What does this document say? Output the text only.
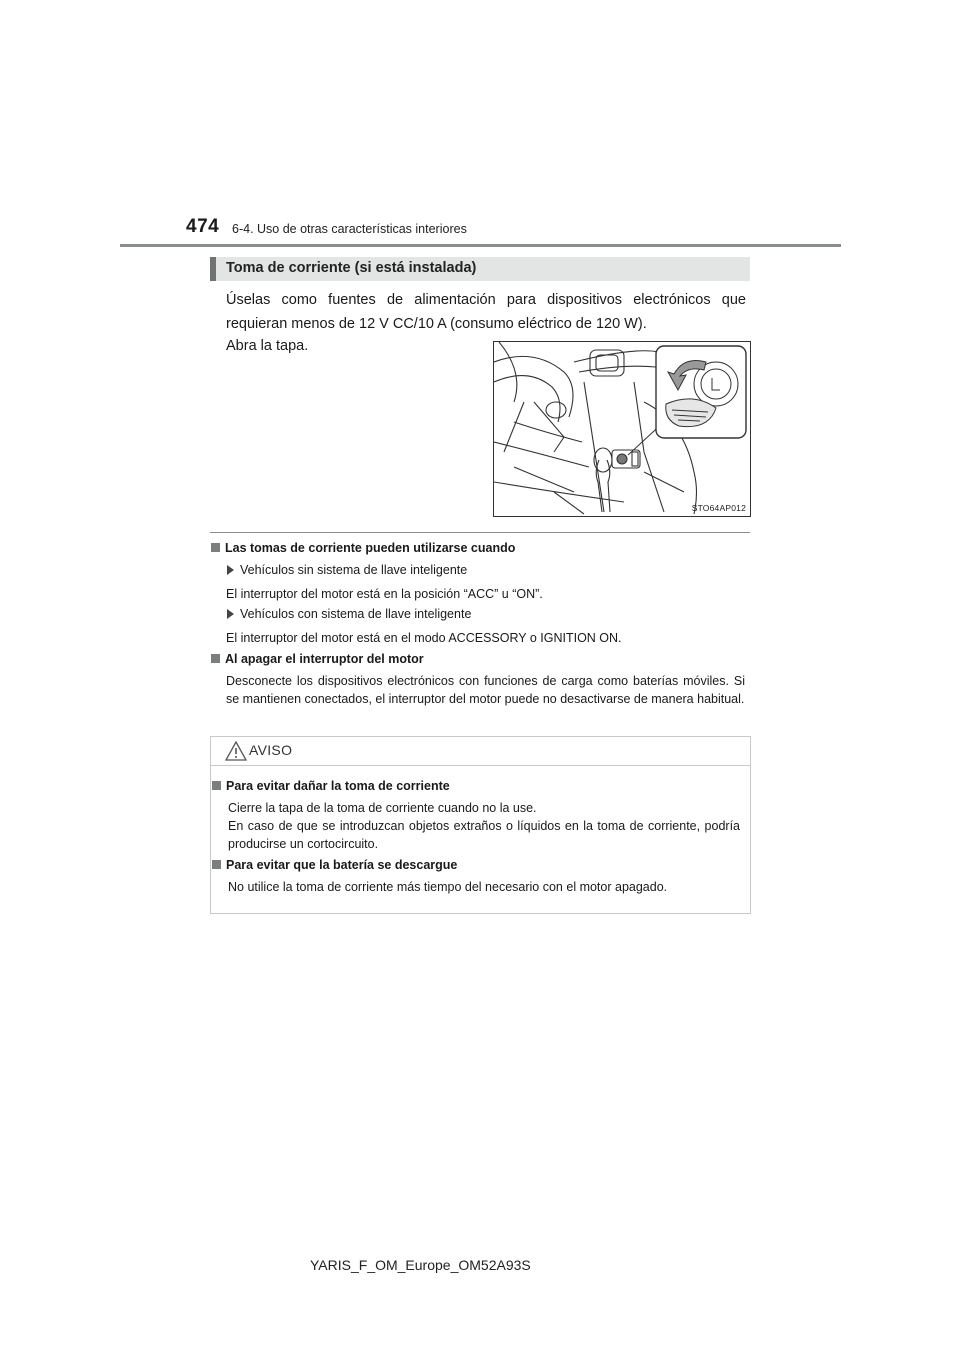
474 6-4. Uso de otras características interiores
Toma de corriente (si está instalada)
Úselas como fuentes de alimentación para dispositivos electrónicos que requieran menos de 12 V CC/10 A (consumo eléctrico de 120 W).
Abra la tapa.
STO64AP012
Las tomas de corriente pueden utilizarse cuando
Vehículos sin sistema de llave inteligente
El interruptor del motor está en la posición “ACC” u “ON”.
Vehículos con sistema de llave inteligente
El interruptor del motor está en el modo ACCESSORY o IGNITION ON.
Al apagar el interruptor del motor
Desconecte los dispositivos electrónicos con funciones de carga como baterías móviles. Si se mantienen conectados, el interruptor del motor puede no desactivarse de manera habitual.
AVISO
Para evitar dañar la toma de corriente
Cierre la tapa de la toma de corriente cuando no la use.
En caso de que se introduzcan objetos extraños o líquidos en la toma de corriente, podría producirse un cortocircuito.
Para evitar que la batería se descargue
No utilice la toma de corriente más tiempo del necesario con el motor apagado.
YARIS_F_OM_Europe_OM52A93S
